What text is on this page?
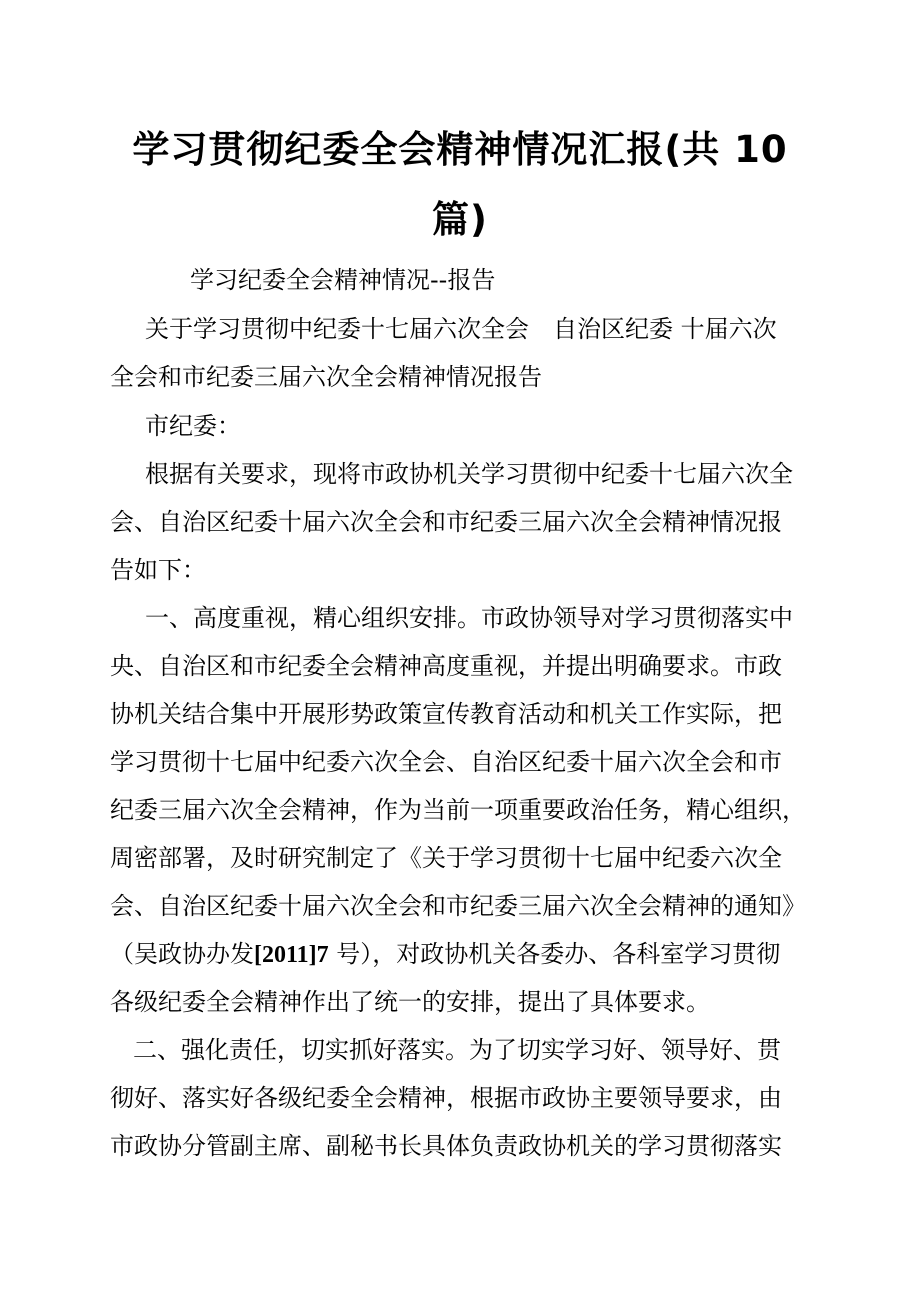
学习贯彻纪委全会精神情况汇报(共 10
篇)

学习纪委全会精神情况--报告

关于学习贯彻中纪委十七届六次全会　自治区纪委 十届六次

全会和市纪委三届六次全会精神情况报告

市纪委：

根据有关要求，现将市政协机关学习贯彻中纪委十七届六次全

会、自治区纪委十届六次全会和市纪委三届六次全会精神情况报

告如下：

一、高度重视，精心组织安排。市政协领导对学习贯彻落实中

央、自治区和市纪委全会精神高度重视，并提出明确要求。市政

协机关结合集中开展形势政策宣传教育活动和机关工作实际，把

学习贯彻十七届中纪委六次全会、自治区纪委十届六次全会和市

纪委三届六次全会精神，作为当前一项重要政治任务，精心组织，

周密部署，及时研究制定了《关于学习贯彻十七届中纪委六次全

会、自治区纪委十届六次全会和市纪委三届六次全会精神的通知》

（吴政协办发[2011]7 号），对政协机关各委办、各科室学习贯彻

各级纪委全会精神作出了统一的安排，提出了具体要求。

二、强化责任，切实抓好落实。为了切实学习好、领导好、贯

彻好、落实好各级纪委全会精神，根据市政协主要领导要求，由

市政协分管副主席、副秘书长具体负责政协机关的学习贯彻落实
